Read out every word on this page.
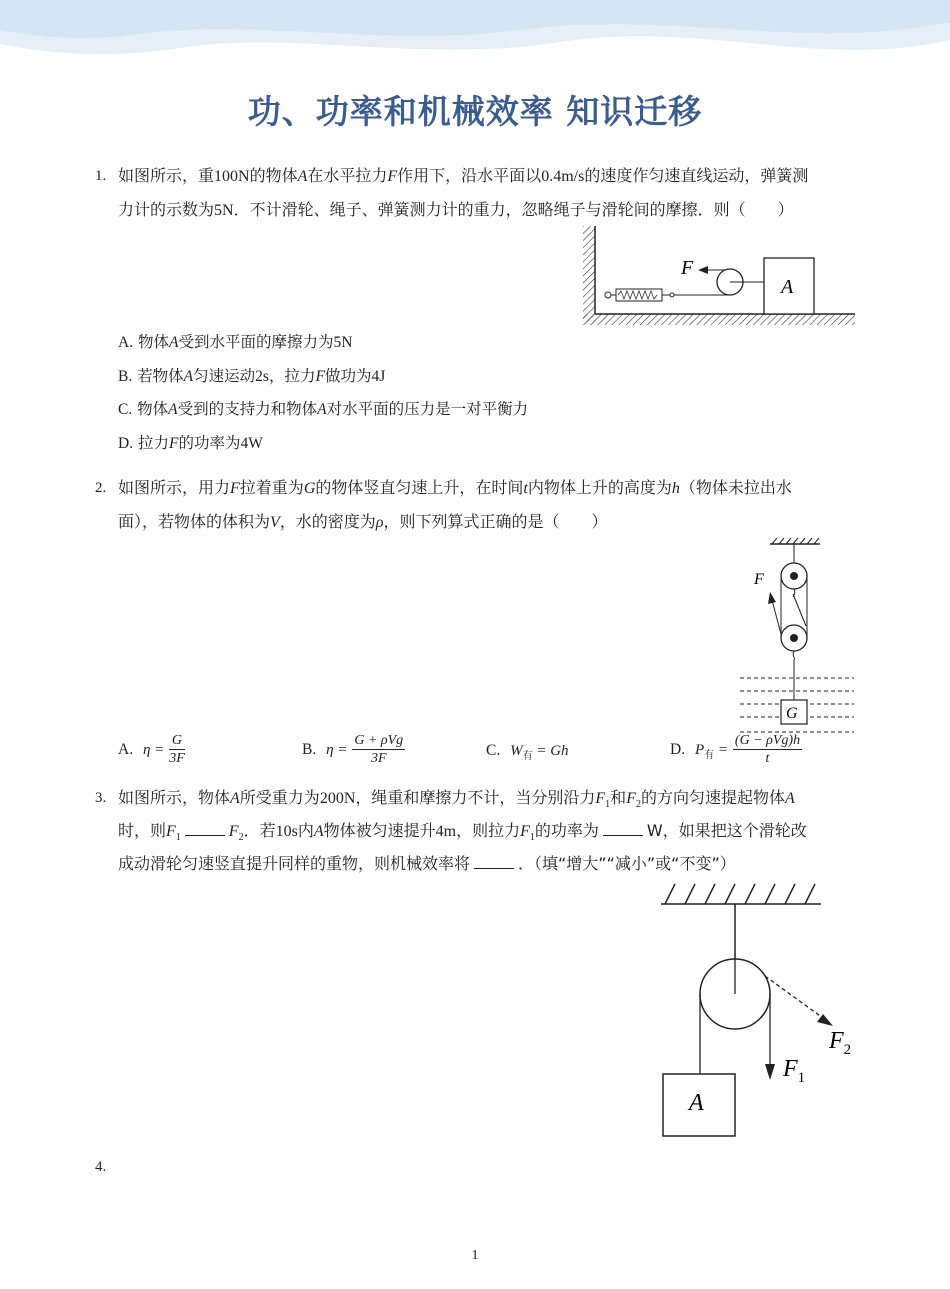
功、功率和机械效率 知识迁移
1. 如图所示，重100N的物体A在水平拉力F作用下，沿水平面以0.4m/s的速度作匀速直线运动，弹簧测
力计的示数为5N．不计滑轮、绳子、弹簧测力计的重力，忽略绳子与滑轮间的摩擦．则（　　）
F
A
A. 物体A受到水平面的摩擦力为5N
B. 若物体A匀速运动2s，拉力F做功为4J
C. 物体A受到的支持力和物体A对水平面的压力是一对平衡力
D. 拉力F的功率为4W
2. 如图所示，用力F拉着重为G的物体竖直匀速上升，在时间t内物体上升的高度为h（物体未拉出水
面），若物体的体积为V，水的密度为ρ，则下列算式正确的是（　　）
F
G
A. $\eta = \frac{G}{3F}$	B. $\eta = \frac{\text{G + ρVg}}{3F}$	C. $W_有 = Gh$	D. $P_有 = \frac{\text{(G − ρVg)h}}{t}$
3. 如图所示，物体A所受重力为200N，绳重和摩擦力不计，当分别沿力$F_1$和$F_2$的方向匀速提起物体A
时，则$F_1$	$F_2$．若10s内A物体被匀速提升4m，则拉力$F_1$的功率为	W，如果把这个滑轮改
成动滑轮匀速竖直提升同样的重物，则机械效率将	．（填“增大”“减小”或“不变”）
A
$F_1$
$F_2$
4.
1
